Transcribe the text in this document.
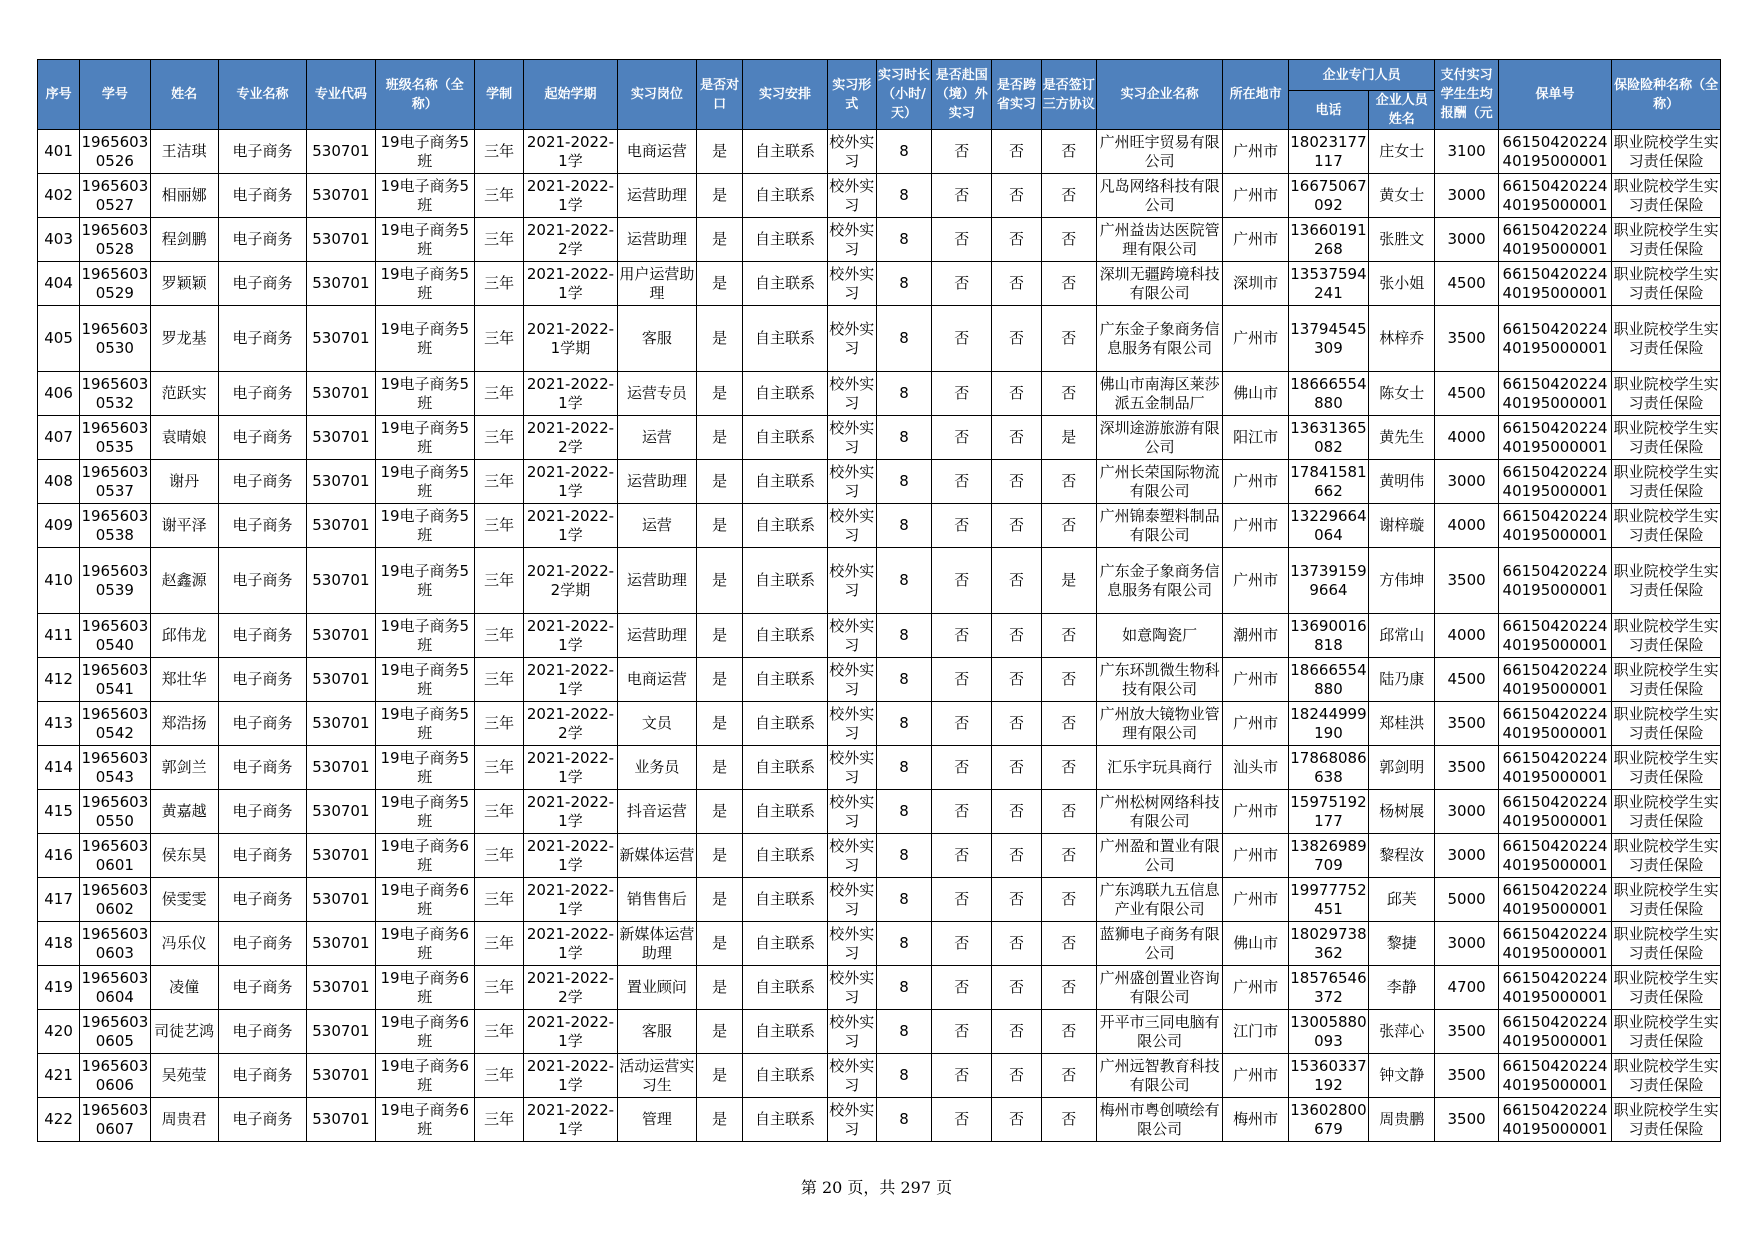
序号	学号	姓名	专业名称	专业代码	班级名称（全称）	学制	起始学期	实习岗位	是否对口	实习安排	实习形式	实习时长（小时/天）	是否赴国（境）外实习	是否跨省实习	是否签订三方协议	实习企业名称	所在地市	企业专门人员		支付实习学生生均报酬（元	保单号	保险险种名称（全称）
																		电话	企业人员姓名			

401	19656030526	王洁琪	电子商务	530701	19电子商务5班	三年	2021-2022-1学	电商运营	是	自主联系	校外实习	8	否	否	否	广州旺宇贸易有限公司	广州市	18023177117	庄女士	3100	6615042022440195000001	职业院校学生实习责任保险

402	19656030527	相丽娜	电子商务	530701	19电子商务5班	三年	2021-2022-1学	运营助理	是	自主联系	校外实习	8	否	否	否	凡岛网络科技有限公司	广州市	16675067092	黄女士	3000	6615042022440195000001	职业院校学生实习责任保险

403	19656030528	程剑鹏	电子商务	530701	19电子商务5班	三年	2021-2022-2学	运营助理	是	自主联系	校外实习	8	否	否	否	广州益齿达医院管理有限公司	广州市	13660191268	张胜文	3000	6615042022440195000001	职业院校学生实习责任保险

404	19656030529	罗颖颖	电子商务	530701	19电子商务5班	三年	2021-2022-1学	用户运营助理	是	自主联系	校外实习	8	否	否	否	深圳无疆跨境科技有限公司	深圳市	13537594241	张小姐	4500	6615042022440195000001	职业院校学生实习责任保险

405	19656030530	罗龙基	电子商务	530701	19电子商务5班	三年	2021-2022-1学期	客服	是	自主联系	校外实习	8	否	否	否	广东金子象商务信息服务有限公司	广州市	13794545309	林梓乔	3500	6615042022440195000001	职业院校学生实习责任保险

406	19656030532	范跃实	电子商务	530701	19电子商务5班	三年	2021-2022-1学	运营专员	是	自主联系	校外实习	8	否	否	否	佛山市南海区莱莎派五金制品厂	佛山市	18666554880	陈女士	4500	6615042022440195000001	职业院校学生实习责任保险

407	19656030535	袁晴娘	电子商务	530701	19电子商务5班	三年	2021-2022-2学	运营	是	自主联系	校外实习	8	否	否	是	深圳途游旅游有限公司	阳江市	13631365082	黄先生	4000	6615042022440195000001	职业院校学生实习责任保险

408	19656030537	谢丹	电子商务	530701	19电子商务5班	三年	2021-2022-1学	运营助理	是	自主联系	校外实习	8	否	否	否	广州长荣国际物流有限公司	广州市	17841581662	黄明伟	3000	6615042022440195000001	职业院校学生实习责任保险

409	19656030538	谢平泽	电子商务	530701	19电子商务5班	三年	2021-2022-1学	运营	是	自主联系	校外实习	8	否	否	否	广州锦泰塑料制品有限公司	广州市	13229664064	谢梓璇	4000	6615042022440195000001	职业院校学生实习责任保险

410	19656030539	赵鑫源	电子商务	530701	19电子商务5班	三年	2021-2022-2学期	运营助理	是	自主联系	校外实习	8	否	否	是	广东金子象商务信息服务有限公司	广州市	137391599664	方伟坤	3500	6615042022440195000001	职业院校学生实习责任保险

411	19656030540	邱伟龙	电子商务	530701	19电子商务5班	三年	2021-2022-1学	运营助理	是	自主联系	校外实习	8	否	否	否	如意陶瓷厂	潮州市	13690016818	邱常山	4000	6615042022440195000001	职业院校学生实习责任保险

412	19656030541	郑壮华	电子商务	530701	19电子商务5班	三年	2021-2022-1学	电商运营	是	自主联系	校外实习	8	否	否	否	广东环凯微生物科技有限公司	广州市	18666554880	陆乃康	4500	6615042022440195000001	职业院校学生实习责任保险

413	19656030542	郑浩扬	电子商务	530701	19电子商务5班	三年	2021-2022-2学	文员	是	自主联系	校外实习	8	否	否	否	广州放大镜物业管理有限公司	广州市	18244999190	郑桂洪	3500	6615042022440195000001	职业院校学生实习责任保险

414	19656030543	郭剑兰	电子商务	530701	19电子商务5班	三年	2021-2022-1学	业务员	是	自主联系	校外实习	8	否	否	否	汇乐宇玩具商行	汕头市	17868086638	郭剑明	3500	6615042022440195000001	职业院校学生实习责任保险

415	19656030550	黄嘉越	电子商务	530701	19电子商务5班	三年	2021-2022-1学	抖音运营	是	自主联系	校外实习	8	否	否	否	广州松树网络科技有限公司	广州市	15975192177	杨树展	3000	6615042022440195000001	职业院校学生实习责任保险

416	19656030601	侯东昊	电子商务	530701	19电子商务6班	三年	2021-2022-1学	新媒体运营	是	自主联系	校外实习	8	否	否	否	广州盈和置业有限公司	广州市	13826989709	黎程汝	3000	6615042022440195000001	职业院校学生实习责任保险

417	19656030602	侯雯雯	电子商务	530701	19电子商务6班	三年	2021-2022-1学	销售售后	是	自主联系	校外实习	8	否	否	否	广东鸿联九五信息产业有限公司	广州市	19977752451	邱芙	5000	6615042022440195000001	职业院校学生实习责任保险

418	19656030603	冯乐仪	电子商务	530701	19电子商务6班	三年	2021-2022-1学	新媒体运营助理	是	自主联系	校外实习	8	否	否	否	蓝狮电子商务有限公司	佛山市	18029738362	黎捷	3000	6615042022440195000001	职业院校学生实习责任保险

419	19656030604	凌僮	电子商务	530701	19电子商务6班	三年	2021-2022-2学	置业顾问	是	自主联系	校外实习	8	否	否	否	广州盛创置业咨询有限公司	广州市	18576546372	李静	4700	6615042022440195000001	职业院校学生实习责任保险

420	19656030605	司徒艺鸿	电子商务	530701	19电子商务6班	三年	2021-2022-1学	客服	是	自主联系	校外实习	8	否	否	否	开平市三同电脑有限公司	江门市	13005880093	张萍心	3500	6615042022440195000001	职业院校学生实习责任保险

421	19656030606	吴苑莹	电子商务	530701	19电子商务6班	三年	2021-2022-1学	活动运营实习生	是	自主联系	校外实习	8	否	否	否	广州远智教育科技有限公司	广州市	15360337192	钟文静	3500	6615042022440195000001	职业院校学生实习责任保险

422	19656030607	周贵君	电子商务	530701	19电子商务6班	三年	2021-2022-1学	管理	是	自主联系	校外实习	8	否	否	否	梅州市粤创喷绘有限公司	梅州市	13602800679	周贵鹏	3500	6615042022440195000001	职业院校学生实习责任保险
第 20 页，共 297 页
